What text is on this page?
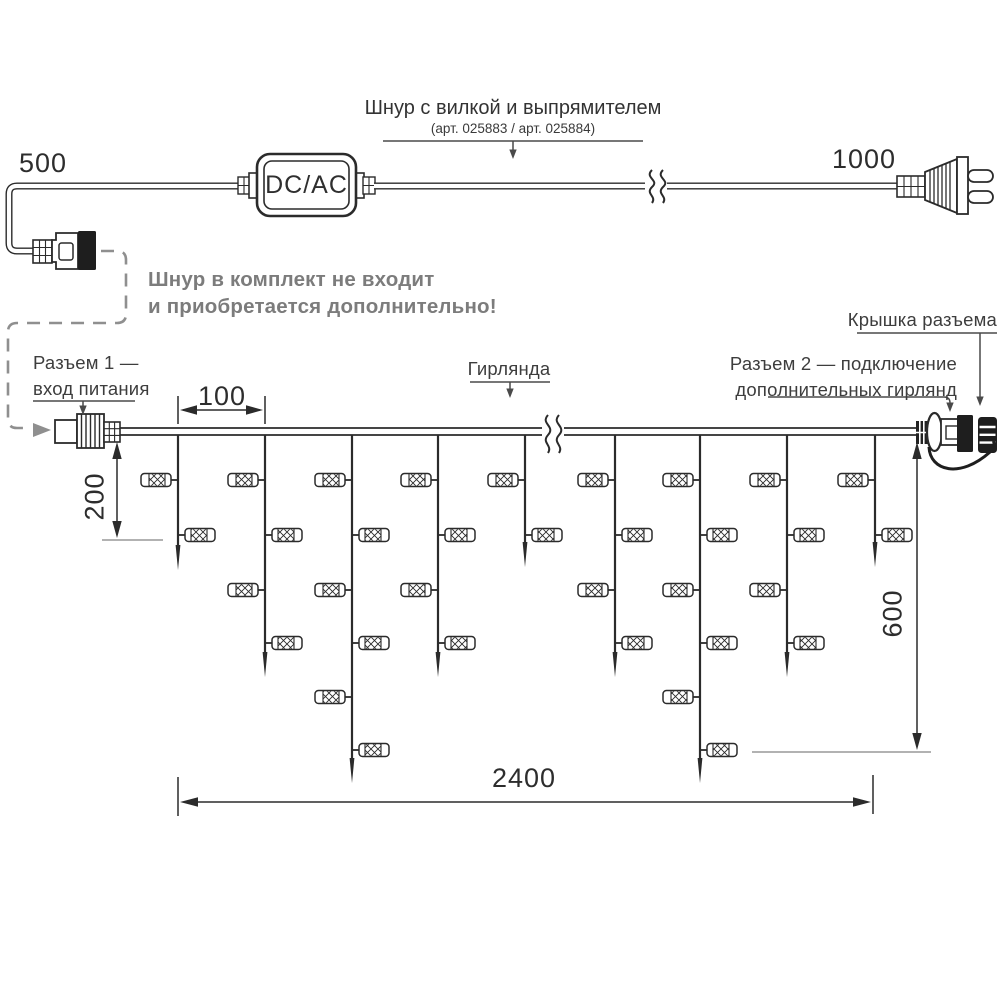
500	1000
DC/AC
Шнур с вилкой и выпрямителем
(арт. 025883 / арт. 025884)
Шнур в комплект не входит
и приобретается дополнительно!
Разъем 1 —
вход питания
Гирлянда	Разъем 2 — подключение
дополнительных гирлянд
Крышка разъема
100
200
600
2400
